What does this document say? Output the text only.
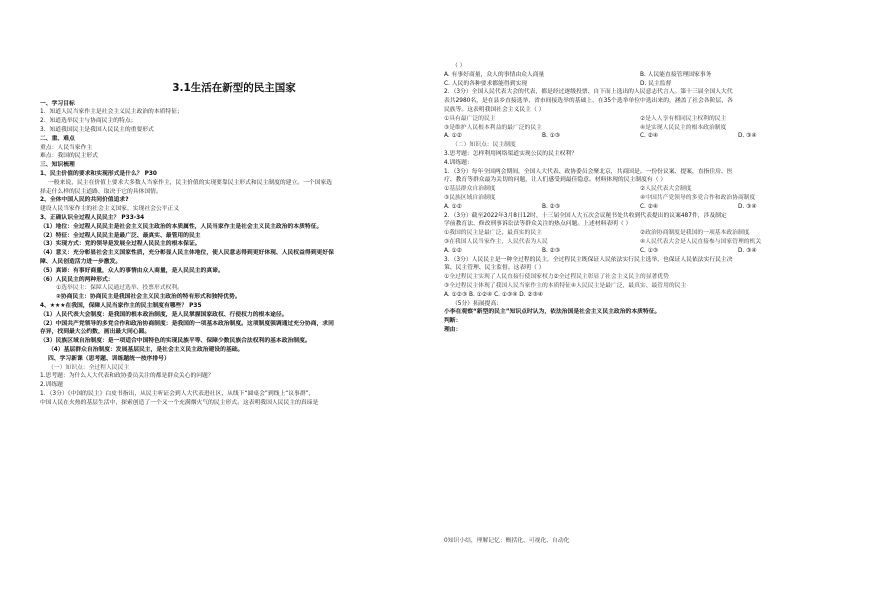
3.1生活在新型的民主国家
一、学习目标
1．知道人民当家作主是社会主义民主政治的本质特征；
2．知道选举民主与协商民主的特点；
3．知道我国民主是我国人民民主的重要形式
二、重、难点
重点：人民当家作主
难点：我国的民主形式
三、知识梳理
1、民主价值的要求和实现形式是什么？ P30
一般来说，民主在价值上要求大多数人当家作主，民主价值的实现要靠民主形式和民主制度的建立。一个国家选
择走什么样的民主道路，取决于它的具体国情。
2、全体中国人民的共同价值追求?
建设人民当家作主的社会主义国家，实现社会公平正义
3、正确认识全过程人民民主？ P33-34
（1）地位：全过程人民民主是社会主义民主政治的本质属性，人民当家作主是社会主义民主政治的本质特征。
（2）特征：全过程人民民主是最广泛、最真实、最管用的民主
（3）实现方式：党的领导是发展全过程人民民主的根本保证。
（4）意义：充分彰显社会主义国家性质，充分彰显人民主体地位，使人民意志得到更好体现、人民权益得到更好保
障、人民创造活力进一步激发。
（5）真谛：有事好商量，众人的事情由众人商量，是人民民主的真谛。
（6）人民民主的两种形式：
①选举民主：保障人民通过选举、投票形式权利。
②协商民主：协商民主是我国社会主义民主政治的特有形式和独特优势。
4、★★★在我国，保障人民当家作主的民主制度有哪些？ P35
（1）人民代表大会制度：是我国的根本政治制度，是人民掌握国家政权、行使权力的根本途径。
（2）中国共产党领导的多党合作和政治协商制度：是我国的一项基本政治制度。这项制度强调通过充分协商，求同
存异，找到最大公约数，画出最大同心圆。
（3）民族区域自治制度：是一项适合中国特色的实现民族平等、保障少数民族合法权利的基本政治制度。
（4）基层群众自治制度：发展基层民主，是社会主义民主政治建设的基础。
四、学习新课（思考题、训练题统一按序排号）
（一）知识点：全过程人民民主
1.思考题：为什么人大代表和政协委员关注的都是群众关心的问题？
2.训练题
1．（3分）《中国的民主》白皮书指出，从民主听证会到人大代表进社区，从线下“圆桌会”到线上“议事群”，
中国人民在火热的基层生活中，探索创造了一个又一个充满烟火气的民主形式。这表明我国人民民主的真谛是
（ ）
A. 有事好商量，众人的事情由众人商量	B. 人民能直接管理国家事务
C. 人民的各种要求都能得到实现	D. 民主监督
2．（3分）全国人民代表大会的代表，都是经过逐级投票、自下而上选出的人民意志代言人。第十三届全国人大代
表共2980名，是在县乡直接选举、省市间接选举的基础上，在35个选举单位中选出来的，涵盖了社会各阶层、各
民族等。这表明我国社会主义民主（ ）
①具有最广泛的民主	②是人人享有相同民主权利的民主
③是维护人民根本利益的最广泛的民主	④是实现人民民主的根本政治制度
A. ①②	B. ①③	C. ②④	D. ③④
（二）知识点：民主制度
3.思考题：怎样利用网络渠道实现公民的民主权利？
4.训练题：
1．（3分）每年全国两会期间，全国人大代表、政协委员会聚北京，共商国是。一份份议案、提案，直指住房、医
疗、教育等群众最为关切的问题，让人们感受到最佳隐意。材料体现的民主制度有（ ）
①基层群众自治制度	②人民代表大会制度
③民族区域自治制度	④中国共产党领导的多党合作和政治协商制度
A. ①②	B. ②③	C. ②④	D. ③④
2．（3分）截至2022年3月8日12时，十三届全国人大五次会议秘书处共收到代表提出的议案487件，涉及制定
学前教育法、修改刑事诉讼法等群众关注的热点问题。上述材料表明（ ）
①我国的民主是最广泛、最真实的民主	②政治协商制度是我国的一项基本政治制度
③在我国人民当家作主，人民代表为人民	④人民代表大会是人民直接参与国家管理的机关
A. ①②	B. ②③	C. ①③	D. ③④
3．（3分）人民民主是一种全过程的民主，全过程民主既保证人民依法实行民主选举，也保证人民依法实行民主决
策、民主管理、民主监督。这表明（ ）
①全过程民主实现了人民直接行使国家权力②全过程民主彰显了社会主义民主的显著优势
③全过程民主体现了我国人民当家作主的本质特征④人民民主是最广泛，最真实、最管用的民主
A. ①②③ B. ①②④ C. ①③④ D. ②③④
（5分）拓展提高：
小李在观察“新型的民主”知识点时认为，依法治国是社会主义民主政治的本质特征。
判断：
理由：
0知识小结，理解记忆：概括化、可视化、自动化
